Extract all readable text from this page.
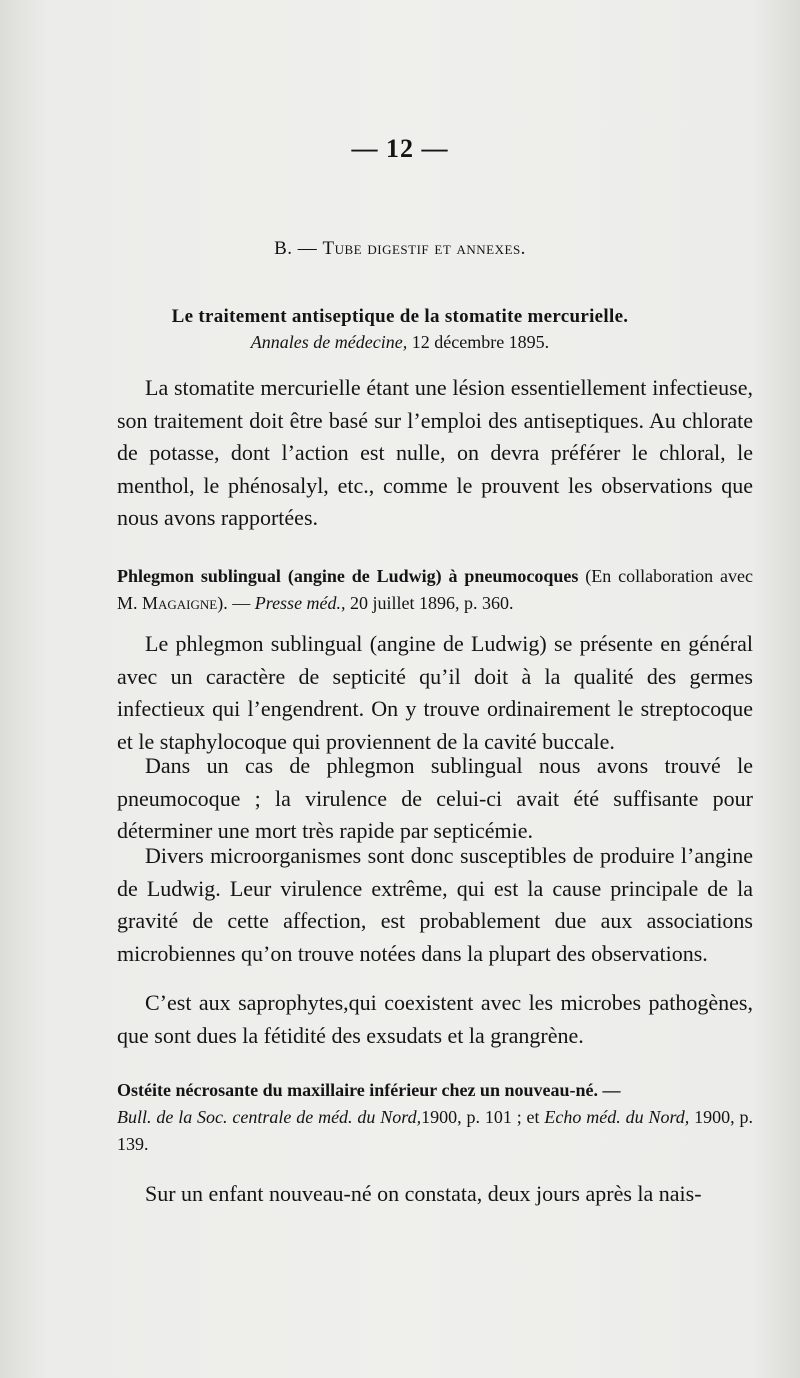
— 12 —
B. — Tube digestif et annexes.
Le traitement antiseptique de la stomatite mercurielle.
Annales de médecine, 12 décembre 1895.

La stomatite mercurielle étant une lésion essentiellement infectieuse, son traitement doit être basé sur l’emploi des antiseptiques. Au chlorate de potasse, dont l’action est nulle, on devra préférer le chloral, le menthol, le phénosalyl, etc., comme le prouvent les observations que nous avons rapportées.

Phlegmon sublingual (angine de Ludwig) à pneumocoques (En collaboration avec M. Magaigne). — Presse méd., 20 juillet 1896, p. 360.

Le phlegmon sublingual (angine de Ludwig) se présente en général avec un caractère de septicité qu’il doit à la qualité des germes infectieux qui l’engendrent. On y trouve ordinairement le streptocoque et le staphylocoque qui proviennent de la cavité buccale.

Dans un cas de phlegmon sublingual nous avons trouvé le pneumocoque ; la virulence de celui-ci avait été suffisante pour déterminer une mort très rapide par septicémie.

Divers microorganismes sont donc susceptibles de produire l’angine de Ludwig. Leur virulence extrême, qui est la cause principale de la gravité de cette affection, est probablement due aux associations microbiennes qu’on trouve notées dans la plupart des observations.

C’est aux saprophytes,qui coexistent avec les microbes pathogènes, que sont dues la fétidité des exsudats et la grangrène.

Ostéite nécrosante du maxillaire inférieur chez un nouveau-né. —
Bull. de la Soc. centrale de méd. du Nord,1900, p. 101 ; et Echo méd. du Nord, 1900, p. 139.

Sur un enfant nouveau-né on constata, deux jours après la nais-
